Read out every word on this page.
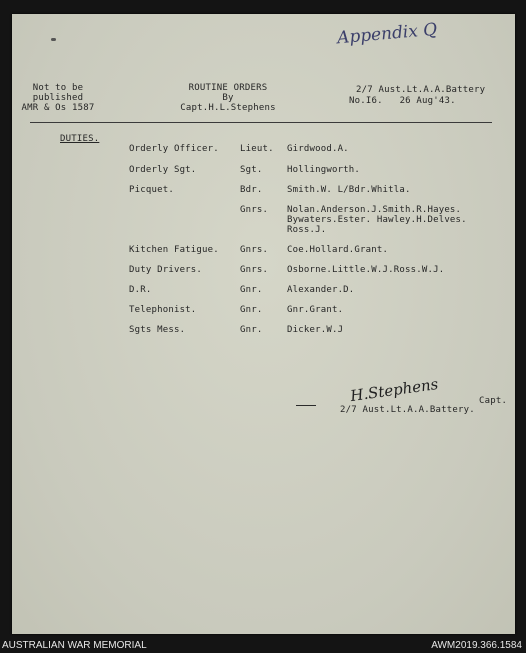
Appendix Q
Not to be
published
AMR & Os 1587
ROUTINE ORDERS
By
Capt.H.L.Stephens
2/7 Aust.Lt.A.A.Battery
No.I6.   26 Aug'43.
DUTIES.
Orderly Officer. Lieut. Girdwood.A.
Orderly Sgt.	Sgt.	Hollingworth.
Picquet.	Bdr.	Smith.W. L/Bdr.Whitla.
Gnrs. Nolan.Anderson.J.Smith.R.Hayes.
Bywaters.Ester. Hawley.H.Delves.
Ross.J.
Kitchen Fatigue. Gnrs. Coe.Hollard.Grant.
Duty Drivers.	Gnrs. Osborne.Little.W.J.Ross.W.J.
D.R.	Gnr.	Alexander.D.
Telephonist.	Gnr.	Gnr.Grant.
Sgts Mess.	Gnr.	Dicker.W.J
H.Stephens	Capt.
2/7 Aust.Lt.A.A.Battery.
AUSTRALIAN WAR MEMORIAL	AWM2019.366.1584
